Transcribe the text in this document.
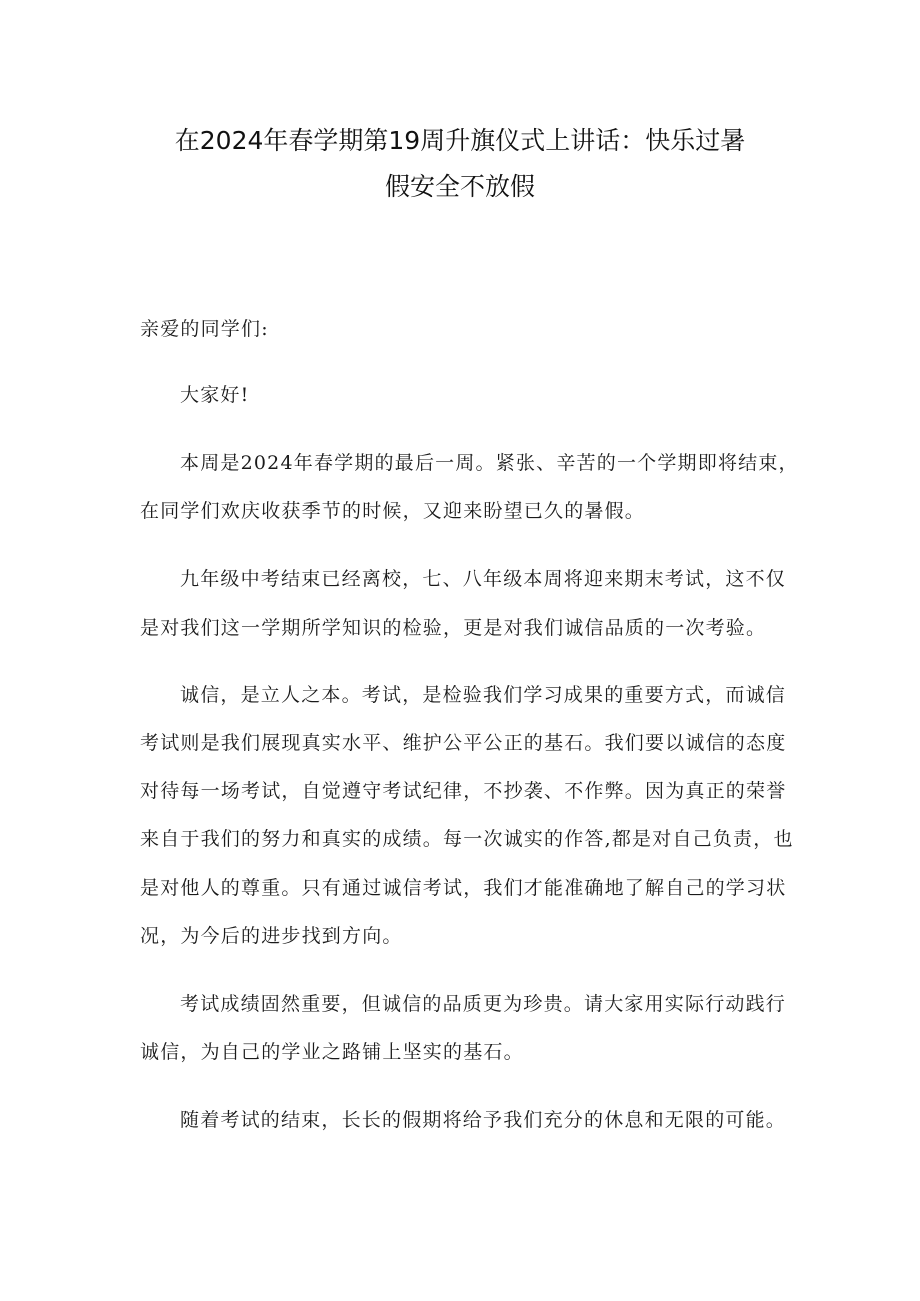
在2024年春学期第19周升旗仪式上讲话：快乐过暑
假安全不放假
亲爱的同学们:
大家好!
本周是2024年春学期的最后一周。紧张、辛苦的一个学期即将结束，
在同学们欢庆收获季节的时候，又迎来盼望已久的暑假。
九年级中考结束已经离校，七、八年级本周将迎来期末考试，这不仅
是对我们这一学期所学知识的检验，更是对我们诚信品质的一次考验。
诚信，是立人之本。考试，是检验我们学习成果的重要方式，而诚信
考试则是我们展现真实水平、维护公平公正的基石。我们要以诚信的态度
对待每一场考试，自觉遵守考试纪律，不抄袭、不作弊。因为真正的荣誉
来自于我们的努力和真实的成绩。每一次诚实的作答,都是对自己负责，也
是对他人的尊重。只有通过诚信考试，我们才能准确地了解自己的学习状
况，为今后的进步找到方向。
考试成绩固然重要，但诚信的品质更为珍贵。请大家用实际行动践行
诚信，为自己的学业之路铺上坚实的基石。
随着考试的结束，长长的假期将给予我们充分的休息和无限的可能。
